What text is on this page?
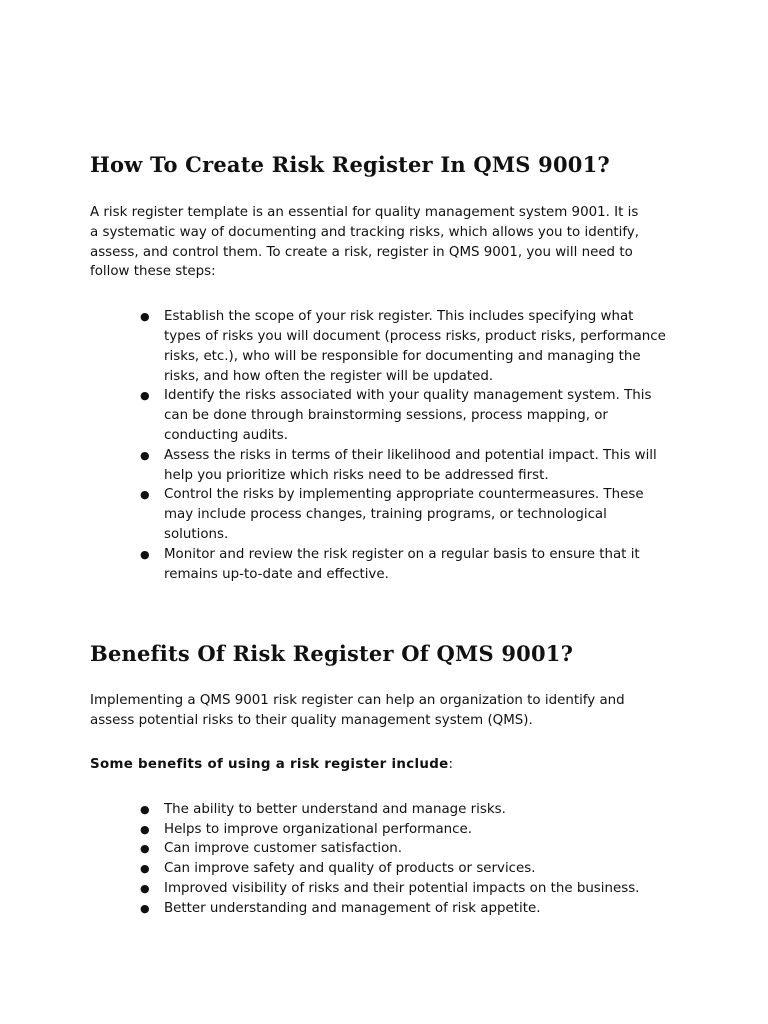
How To Create Risk Register In QMS 9001?

A risk register template is an essential for quality management system 9001. It is a systematic way of documenting and tracking risks, which allows you to identify, assess, and control them. To create a risk, register in QMS 9001, you will need to follow these steps:

● Establish the scope of your risk register. This includes specifying what types of risks you will document (process risks, product risks, performance risks, etc.), who will be responsible for documenting and managing the risks, and how often the register will be updated.
● Identify the risks associated with your quality management system. This can be done through brainstorming sessions, process mapping, or conducting audits.
● Assess the risks in terms of their likelihood and potential impact. This will help you prioritize which risks need to be addressed first.
● Control the risks by implementing appropriate countermeasures. These may include process changes, training programs, or technological solutions.
● Monitor and review the risk register on a regular basis to ensure that it remains up-to-date and effective.
Benefits Of Risk Register Of QMS 9001?

Implementing a QMS 9001 risk register can help an organization to identify and assess potential risks to their quality management system (QMS).

Some benefits of using a risk register include:

● The ability to better understand and manage risks.
● Helps to improve organizational performance.
● Can improve customer satisfaction.
● Can improve safety and quality of products or services.
● Improved visibility of risks and their potential impacts on the business.
● Better understanding and management of risk appetite.
